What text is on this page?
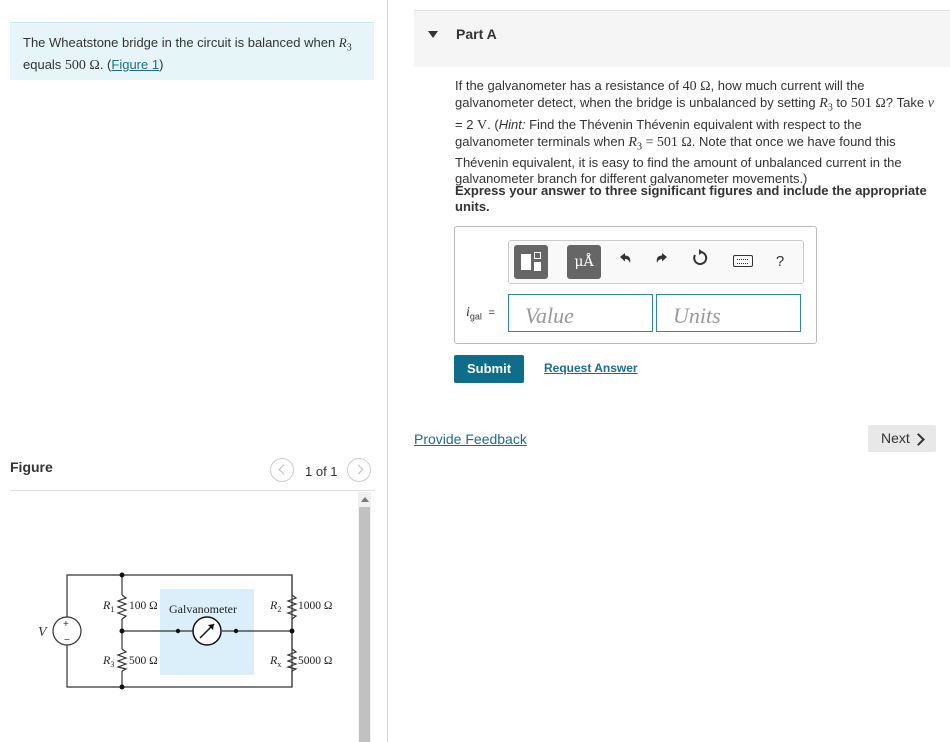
The Wheatstone bridge in the circuit is balanced when $R_3$
equals 500 Ω. (Figure 1)
Part A
If the galvanometer has a resistance of 40 Ω, how much current will the galvanometer detect, when the bridge is unbalanced by setting $R_3$ to 501 Ω? Take v = 2 V. (Hint: Find the Thévenin Thévenin equivalent with respect to the galvanometer terminals when $R_3 = 501$ Ω. Note that once we have found this Thévenin equivalent, it is easy to find the amount of unbalanced current in the galvanometer branch for different galvanometer movements.)
Express your answer to three significant figures and include the appropriate units.
μÅ	?
$i_{gal}$ =
Value
Units
Submit	Request Answer
Provide Feedback	Next
Figure	1 of 1
+
−
V
Galvanometer
$R_1$ 100 Ω	$R_2$ 1000 Ω
$R_3$ 500 Ω	$R_x$ 5000 Ω
